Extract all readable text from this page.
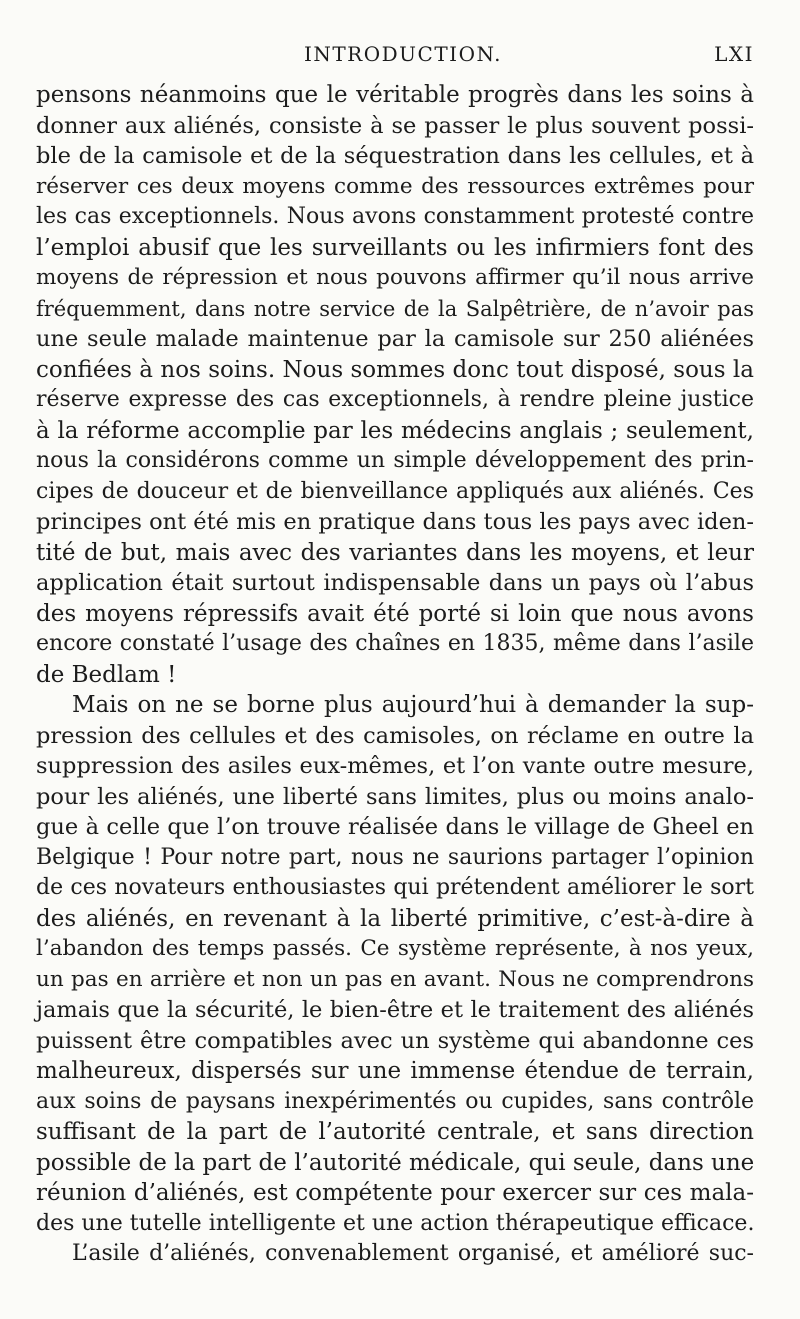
INTRODUCTION.	LXI
pensons néanmoins que le véritable progrès dans les soins à
donner aux aliénés, consiste à se passer le plus souvent possi-
ble de la camisole et de la séquestration dans les cellules, et à
réserver ces deux moyens comme des ressources extrêmes pour
les cas exceptionnels. Nous avons constamment protesté contre
l’emploi abusif que les surveillants ou les infirmiers font des
moyens de répression et nous pouvons affirmer qu’il nous arrive
fréquemment, dans notre service de la Salpêtrière, de n’avoir pas
une seule malade maintenue par la camisole sur 250 aliénées
confiées à nos soins. Nous sommes donc tout disposé, sous la
réserve expresse des cas exceptionnels, à rendre pleine justice
à la réforme accomplie par les médecins anglais ; seulement,
nous la considérons comme un simple développement des prin-
cipes de douceur et de bienveillance appliqués aux aliénés. Ces
principes ont été mis en pratique dans tous les pays avec iden-
tité de but, mais avec des variantes dans les moyens, et leur
application était surtout indispensable dans un pays où l’abus
des moyens répressifs avait été porté si loin que nous avons
encore constaté l’usage des chaînes en 1835, même dans l’asile
de Bedlam !
Mais on ne se borne plus aujourd’hui à demander la sup-
pression des cellules et des camisoles, on réclame en outre la
suppression des asiles eux-mêmes, et l’on vante outre mesure,
pour les aliénés, une liberté sans limites, plus ou moins analo-
gue à celle que l’on trouve réalisée dans le village de Gheel en
Belgique ! Pour notre part, nous ne saurions partager l’opinion
de ces novateurs enthousiastes qui prétendent améliorer le sort
des aliénés, en revenant à la liberté primitive, c’est-à-dire à
l’abandon des temps passés. Ce système représente, à nos yeux,
un pas en arrière et non un pas en avant. Nous ne comprendrons
jamais que la sécurité, le bien-être et le traitement des aliénés
puissent être compatibles avec un système qui abandonne ces
malheureux, dispersés sur une immense étendue de terrain,
aux soins de paysans inexpérimentés ou cupides, sans contrôle
suffisant de la part de l’autorité centrale, et sans direction
possible de la part de l’autorité médicale, qui seule, dans une
réunion d’aliénés, est compétente pour exercer sur ces mala-
des une tutelle intelligente et une action thérapeutique efficace.
L’asile d’aliénés, convenablement organisé, et amélioré suc-
